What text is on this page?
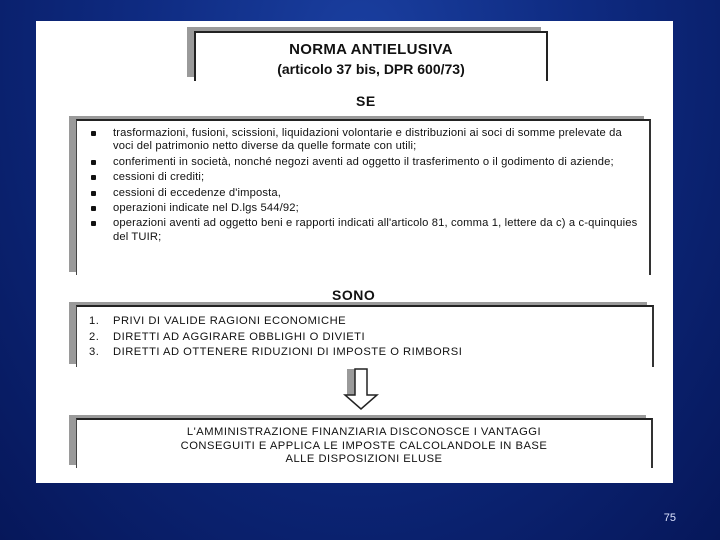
NORMA ANTIELUSIVA
(articolo 37 bis, DPR 600/73)
SE
trasformazioni, fusioni, scissioni, liquidazioni volontarie e distribuzioni ai soci di somme prelevate da voci del patrimonio netto diverse da quelle formate con utili;
conferimenti in società, nonché negozi aventi ad oggetto il trasferimento o il godimento di aziende;
cessioni di crediti;
cessioni di eccedenze d'imposta,
operazioni indicate nel D.lgs 544/92;
operazioni aventi ad oggetto beni e rapporti indicati all'articolo 81, comma 1, lettere da c) a c-quinquies del TUIR;
SONO
1. PRIVI DI VALIDE RAGIONI ECONOMICHE
2. DIRETTI AD AGGIRARE OBBLIGHI O DIVIETI
3. DIRETTI AD OTTENERE RIDUZIONI DI IMPOSTE O RIMBORSI
L'AMMINISTRAZIONE FINANZIARIA DISCONOSCE I VANTAGGI
CONSEGUITI E APPLICA LE IMPOSTE CALCOLANDOLE IN BASE
ALLE DISPOSIZIONI ELUSE
75
